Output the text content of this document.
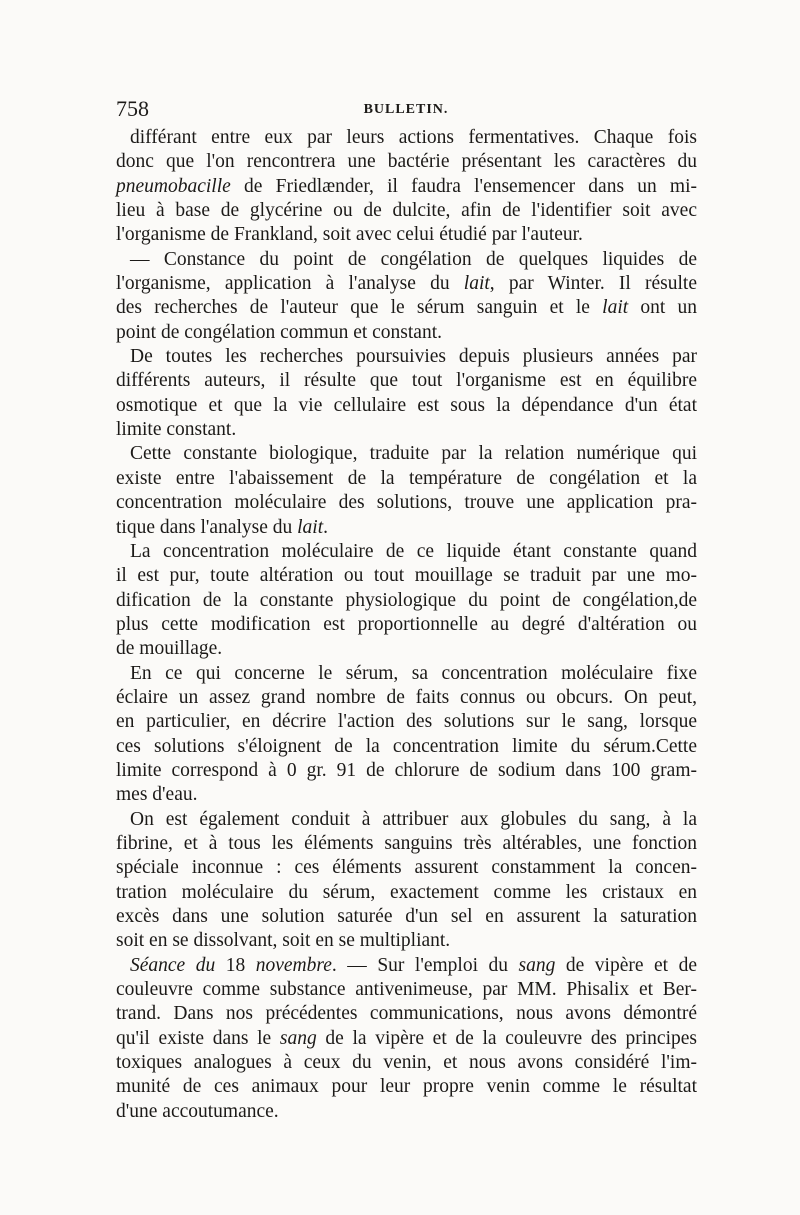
758	BULLETIN.
différant entre eux par leurs actions fermentatives. Chaque fois
donc que l'on rencontrera une bactérie présentant les caractères du
pneumobacille de Friedlænder, il faudra l'ensemencer dans un mi-
lieu à base de glycérine ou de dulcite, afin de l'identifier soit avec
l'organisme de Frankland, soit avec celui étudié par l'auteur.
— Constance du point de congélation de quelques liquides de
l'organisme, application à l'analyse du lait, par Winter. Il résulte
des recherches de l'auteur que le sérum sanguin et le lait ont un
point de congélation commun et constant.
De toutes les recherches poursuivies depuis plusieurs années par
différents auteurs, il résulte que tout l'organisme est en équilibre
osmotique et que la vie cellulaire est sous la dépendance d'un état
limite constant.
Cette constante biologique, traduite par la relation numérique qui
existe entre l'abaissement de la température de congélation et la
concentration moléculaire des solutions, trouve une application pra-
tique dans l'analyse du lait.
La concentration moléculaire de ce liquide étant constante quand
il est pur, toute altération ou tout mouillage se traduit par une mo-
dification de la constante physiologique du point de congélation,de
plus cette modification est proportionnelle au degré d'altération ou
de mouillage.
En ce qui concerne le sérum, sa concentration moléculaire fixe
éclaire un assez grand nombre de faits connus ou obcurs. On peut,
en particulier, en décrire l'action des solutions sur le sang, lorsque
ces solutions s'éloignent de la concentration limite du sérum.Cette
limite correspond à 0 gr. 91 de chlorure de sodium dans 100 gram-
mes d'eau.
On est également conduit à attribuer aux globules du sang, à la
fibrine, et à tous les éléments sanguins très altérables, une fonction
spéciale inconnue : ces éléments assurent constamment la concen-
tration moléculaire du sérum, exactement comme les cristaux en
excès dans une solution saturée d'un sel en assurent la saturation
soit en se dissolvant, soit en se multipliant.
Séance du 18 novembre. — Sur l'emploi du sang de vipère et de
couleuvre comme substance antivenimeuse, par MM. Phisalix et Ber-
trand. Dans nos précédentes communications, nous avons démontré
qu'il existe dans le sang de la vipère et de la couleuvre des principes
toxiques analogues à ceux du venin, et nous avons considéré l'im-
munité de ces animaux pour leur propre venin comme le résultat
d'une accoutumance.
